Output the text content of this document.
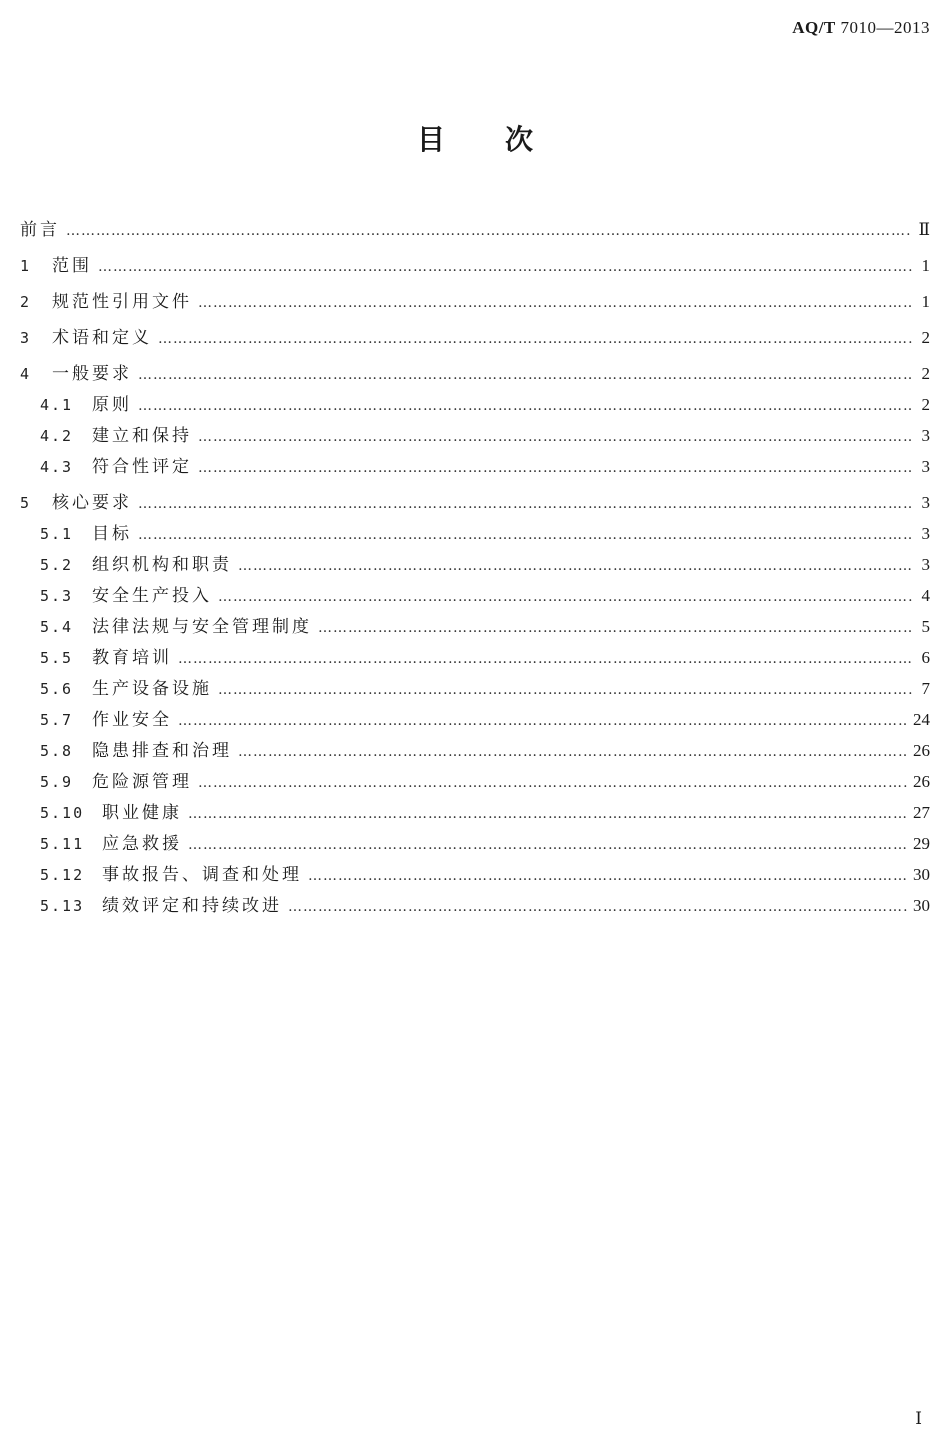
AQ/T 7010—2013
目次
前言 ……………………………………………………………………………………………………………………………………………………………………………………………………………………………………	Ⅱ
1	范围 ……………………………………………………………………………………………………………………………………………………………………………………………………………………………………	1
2	规范性引用文件 ……………………………………………………………………………………………………………………………………………………………………………………………………………………………………	1
3	术语和定义 ……………………………………………………………………………………………………………………………………………………………………………………………………………………………………	2
4	一般要求 ……………………………………………………………………………………………………………………………………………………………………………………………………………………………………	2
4.1	原则 ……………………………………………………………………………………………………………………………………………………………………………………………………………………………………	2
4.2	建立和保持 ……………………………………………………………………………………………………………………………………………………………………………………………………………………………………	3
4.3	符合性评定 ……………………………………………………………………………………………………………………………………………………………………………………………………………………………………	3
5	核心要求 ……………………………………………………………………………………………………………………………………………………………………………………………………………………………………	3
5.1	目标 ……………………………………………………………………………………………………………………………………………………………………………………………………………………………………	3
5.2	组织机构和职责 ……………………………………………………………………………………………………………………………………………………………………………………………………………………………………	3
5.3	安全生产投入 ……………………………………………………………………………………………………………………………………………………………………………………………………………………………………	4
5.4	法律法规与安全管理制度 ……………………………………………………………………………………………………………………………………………………………………………………………………………………………………	5
5.5	教育培训 ……………………………………………………………………………………………………………………………………………………………………………………………………………………………………	6
5.6	生产设备设施 ……………………………………………………………………………………………………………………………………………………………………………………………………………………………………	7
5.7	作业安全 ……………………………………………………………………………………………………………………………………………………………………………………………………………………………………	24
5.8	隐患排查和治理 ……………………………………………………………………………………………………………………………………………………………………………………………………………………………………	26
5.9	危险源管理 ……………………………………………………………………………………………………………………………………………………………………………………………………………………………………	26
5.10	职业健康 ……………………………………………………………………………………………………………………………………………………………………………………………………………………………………	27
5.11	应急救援 ……………………………………………………………………………………………………………………………………………………………………………………………………………………………………	29
5.12	事故报告、调查和处理 ……………………………………………………………………………………………………………………………………………………………………………………………………………………………………	30
5.13	绩效评定和持续改进 ……………………………………………………………………………………………………………………………………………………………………………………………………………………………………	30
Ⅰ
